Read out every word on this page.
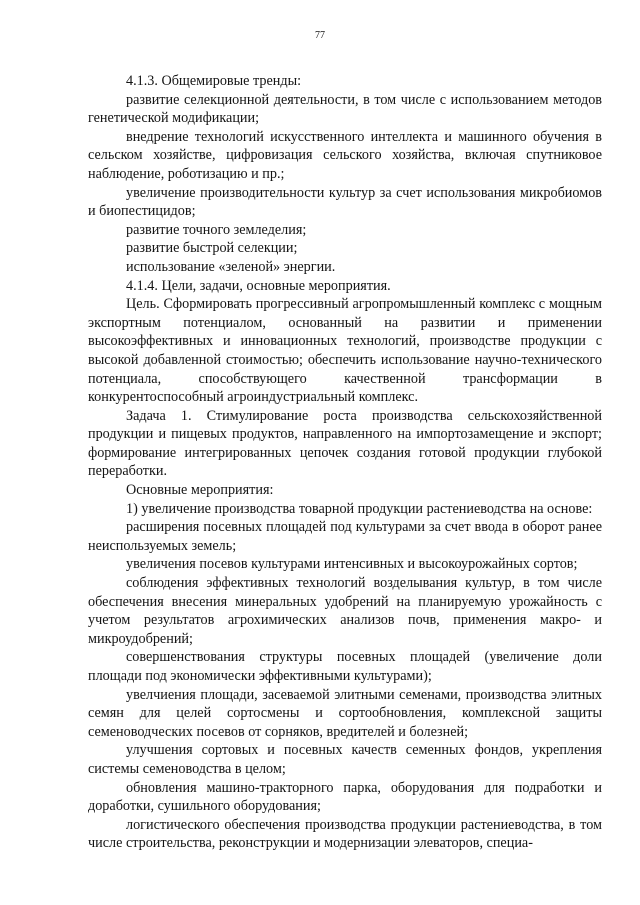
77

4.1.3. Общемировые тренды:

развитие селекционной деятельности, в том числе с использованием методов генетической модификации;

внедрение технологий искусственного интеллекта и машинного обучения в сельском хозяйстве, цифровизация сельского хозяйства, включая спутниковое наблюдение, роботизацию и пр.;

увеличение производительности культур за счет использования микробиомов и биопестицидов;

развитие точного земледелия;

развитие быстрой селекции;

использование «зеленой» энергии.

4.1.4. Цели, задачи, основные мероприятия.

Цель. Сформировать прогрессивный агропромышленный комплекс с мощным экспортным потенциалом, основанный на развитии и применении высокоэффективных и инновационных технологий, производстве продукции с высокой добавленной стоимостью; обеспечить использование научно-технического потенциала, способствующего качественной трансформации в конкурентоспособный агроиндустриальный комплекс.

Задача 1. Стимулирование роста производства сельскохозяйственной продукции и пищевых продуктов, направленного на импортозамещение и экспорт; формирование интегрированных цепочек создания готовой продукции глубокой переработки.

Основные мероприятия:

1) увеличение производства товарной продукции растениеводства на основе:

расширения посевных площадей под культурами за счет ввода в оборот ранее неиспользуемых земель;

увеличения посевов культурами интенсивных и высокоурожайных сортов;

соблюдения эффективных технологий возделывания культур, в том числе обеспечения внесения минеральных удобрений на планируемую урожайность с учетом результатов агрохимических анализов почв, применения макро- и микроудобрений;

совершенствования структуры посевных площадей (увеличение доли площади под экономически эффективными культурами);

увелчиения площади, засеваемой элитными семенами, производства элитных семян для целей сортосмены и сортообновления, комплексной защиты семеноводческих посевов от сорняков, вредителей и болезней;

улучшения сортовых и посевных качеств семенных фондов, укрепления системы семеноводства в целом;

обновления машино-тракторного парка, оборудования для подработки и доработки, сушильного оборудования;

логистического обеспечения производства продукции растениеводства, в том числе строительства, реконструкции и модернизации элеваторов, специа-
